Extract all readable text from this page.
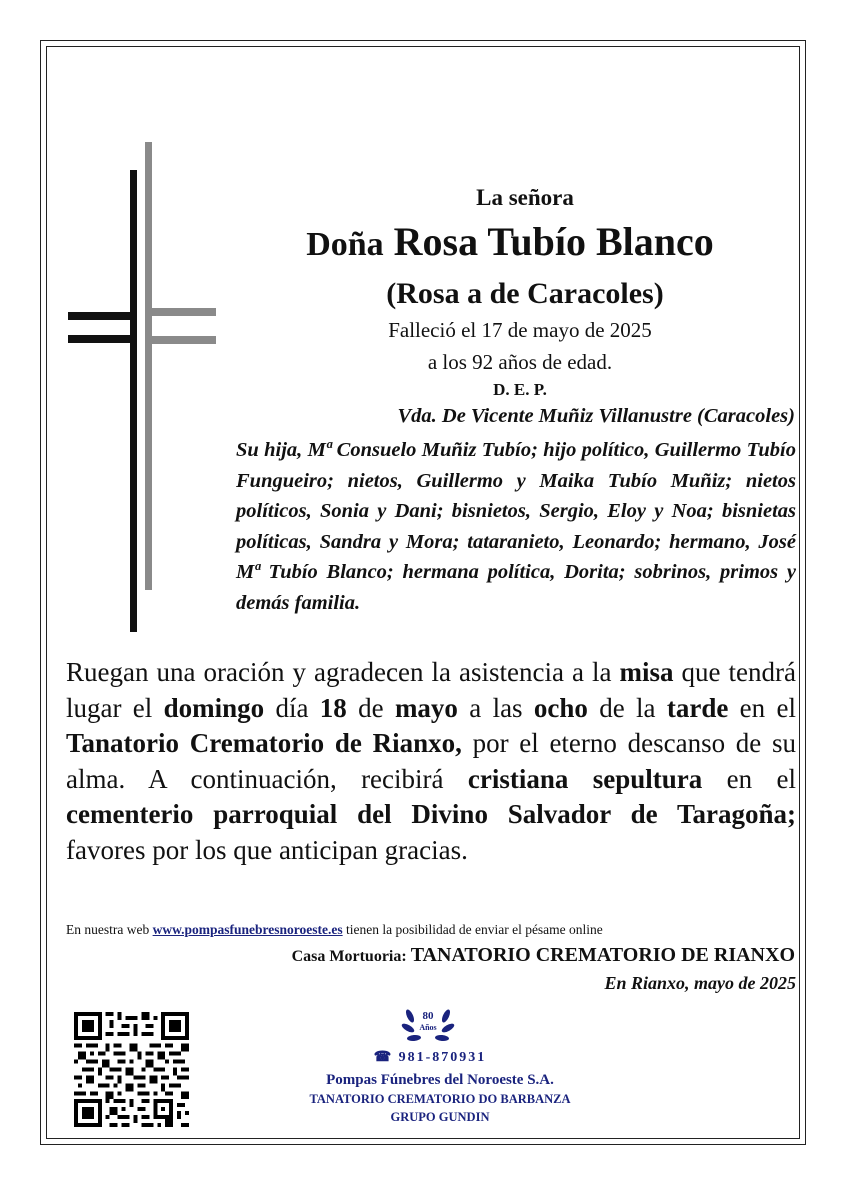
La señora
Doña Rosa Tubío Blanco
(Rosa a de Caracoles)
Falleció el 17 de mayo de 2025
a los 92 años de edad.
D. E. P.
Vda. De Vicente Muñiz Villanustre (Caracoles)
Su hija, Mª Consuelo Muñiz Tubío; hijo político, Guillermo Tubío Fungueiro; nietos, Guillermo y Maika Tubío Muñiz; nietos políticos, Sonia y Dani; bisnietos, Sergio, Eloy y Noa; bisnietas políticas, Sandra y Mora; tataranieto, Leonardo; hermano, José Mª Tubío Blanco; hermana política, Dorita; sobrinos, primos y demás familia.
Ruegan una oración y agradecen la asistencia a la misa que tendrá lugar el domingo día 18 de mayo a las ocho de la tarde en el Tanatorio Crematorio de Rianxo, por el eterno descanso de su alma. A continuación, recibirá cristiana sepultura en el cementerio parroquial del Divino Salvador de Taragoña; favores por los que anticipan gracias.
En nuestra web www.pompasfunebresnoroeste.es tienen la posibilidad de enviar el pésame online
Casa Mortuoria: TANATORIO CREMATORIO DE RIANXO
En Rianxo, mayo de 2025
80
Años
☎ 981-870931
Pompas Fúnebres del Noroeste S.A.
TANATORIO CREMATORIO DO BARBANZA
GRUPO GUNDIN
